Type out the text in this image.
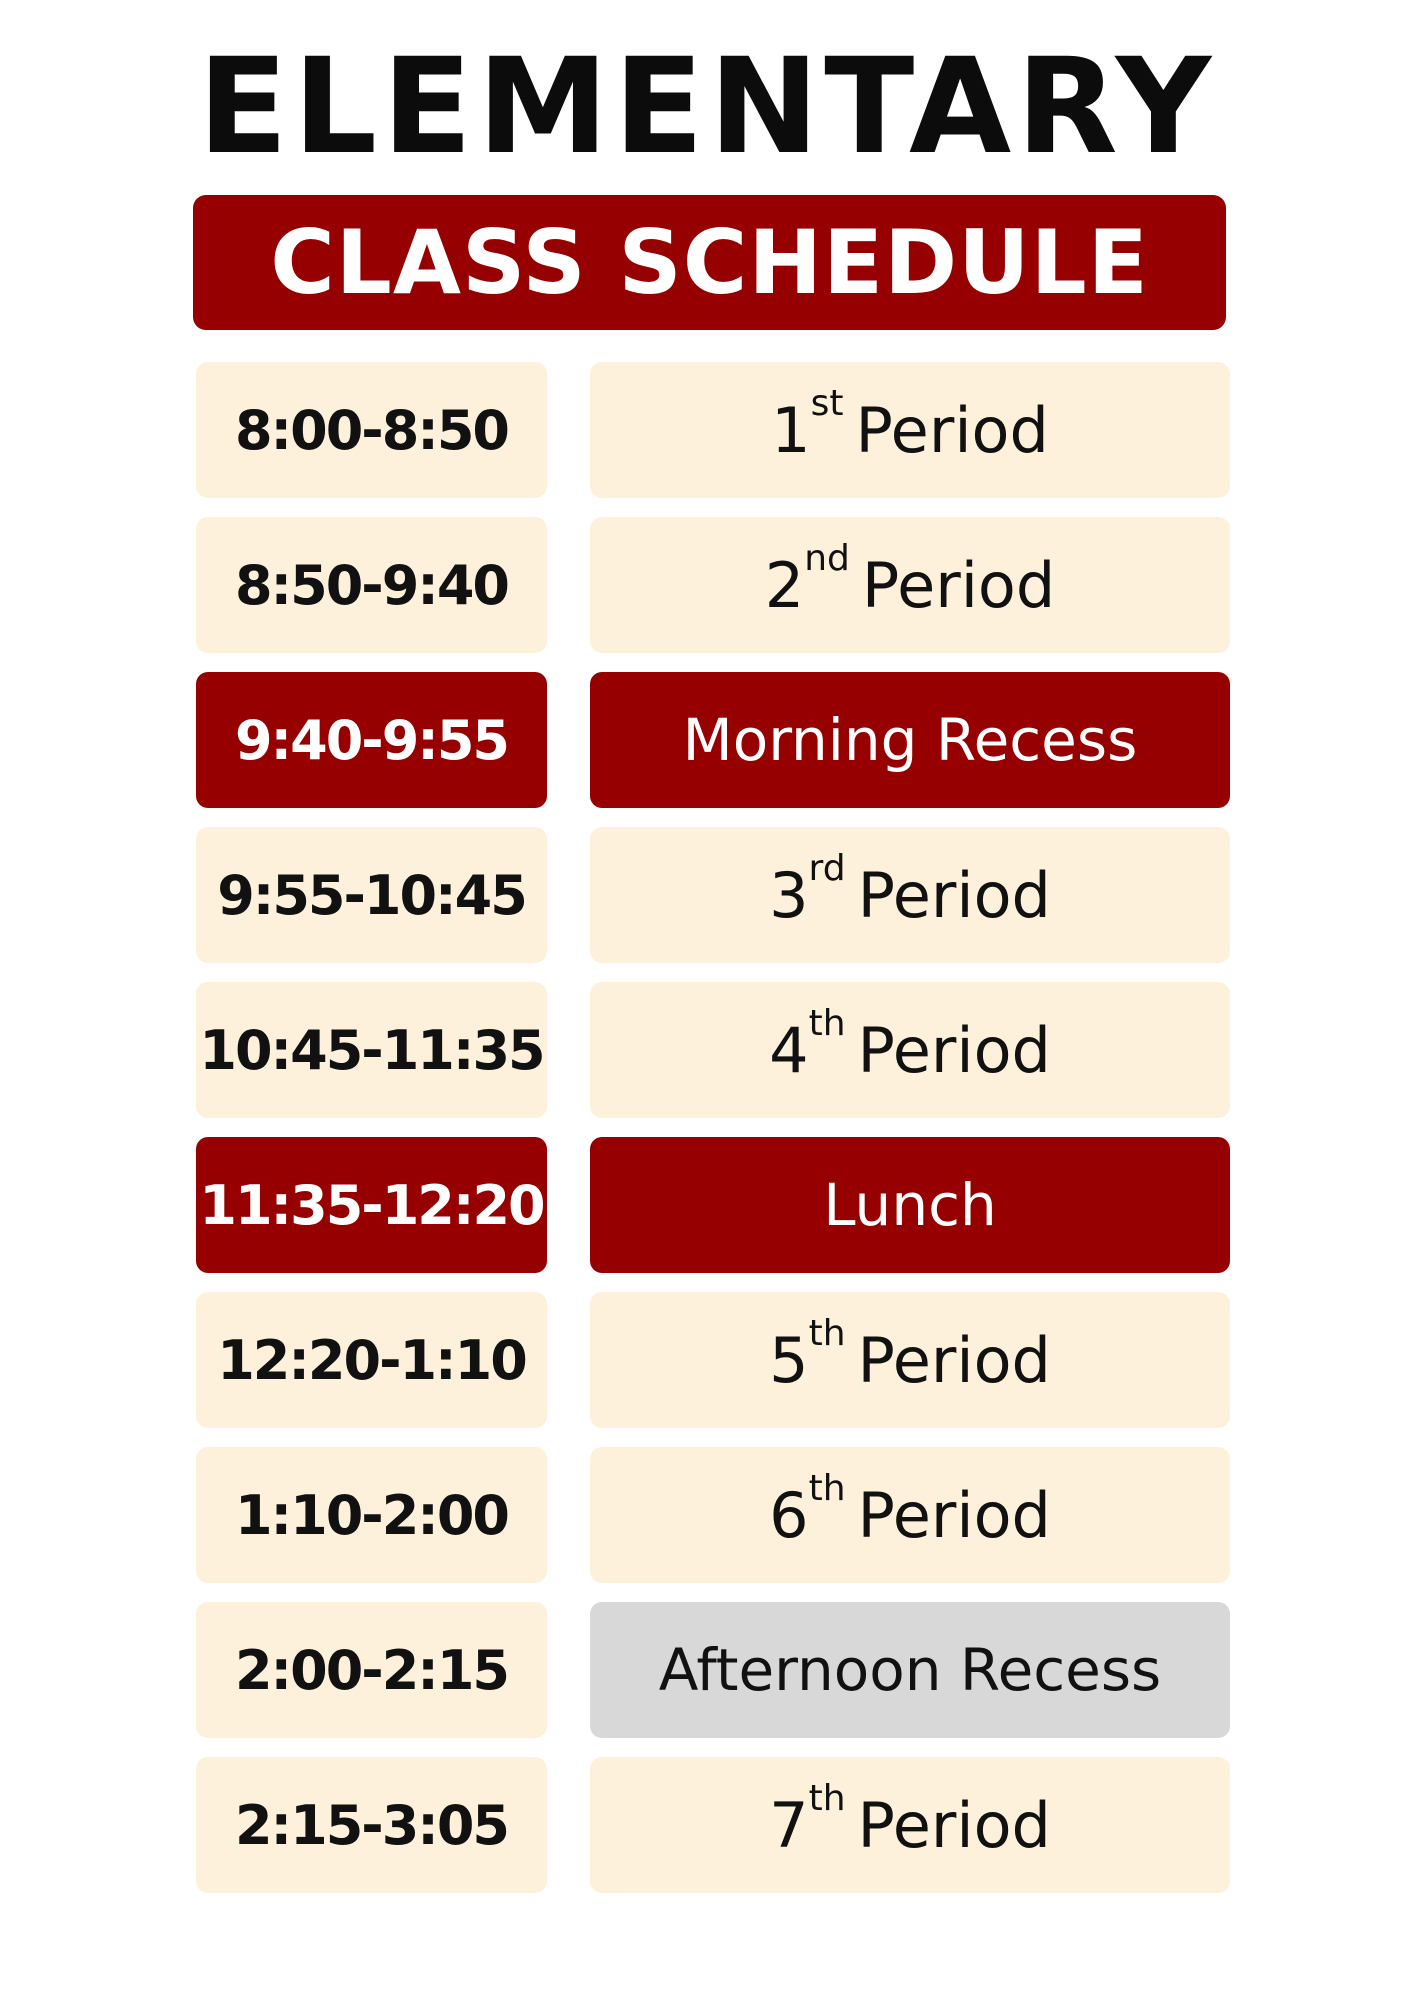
ELEMENTARY
CLASS SCHEDULE
8:00-8:50	1st Period
8:50-9:40	2nd Period
9:40-9:55	Morning Recess
9:55-10:45	3rd Period
10:45-11:35	4th Period
11:35-12:20	Lunch
12:20-1:10	5th Period
1:10-2:00	6th Period
2:00-2:15	Afternoon Recess
2:15-3:05	7th Period
